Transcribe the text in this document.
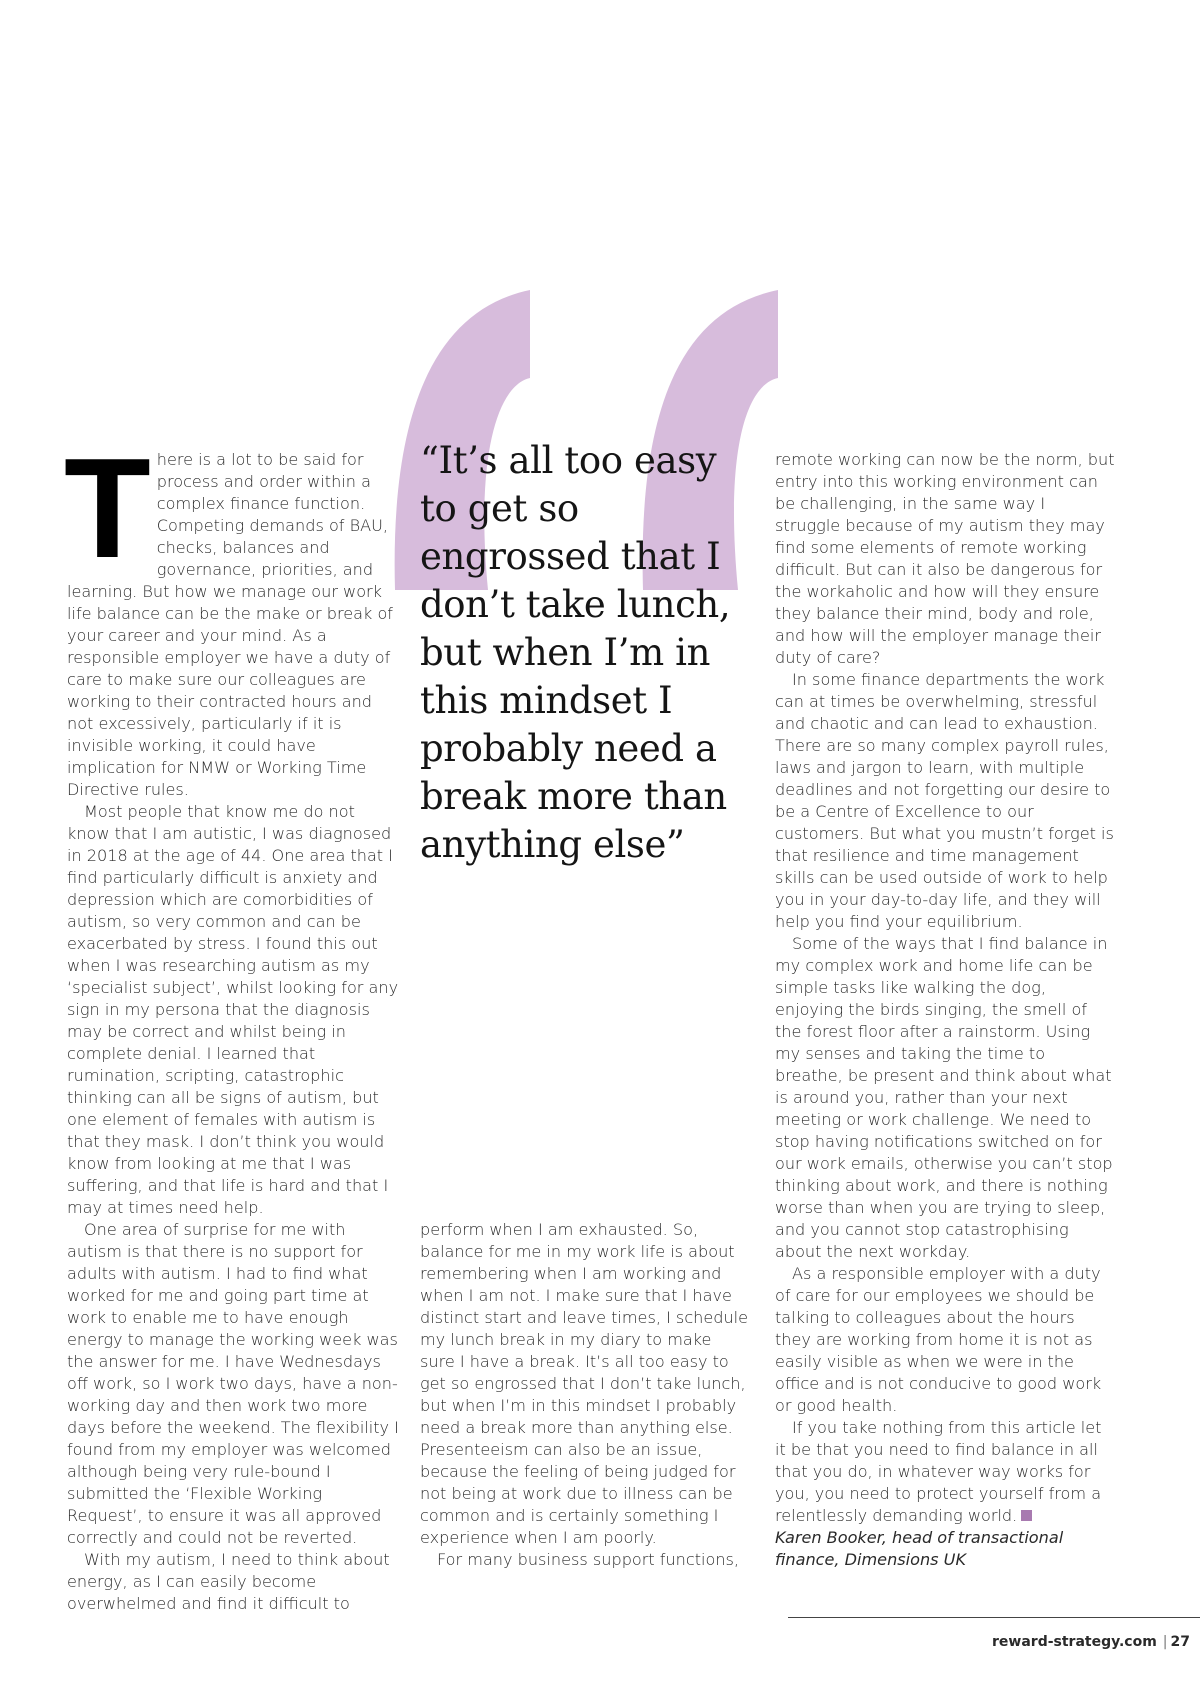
T here is a lot to be said for process and order within a complex finance function. Competing demands of BAU, checks, balances and governance, priorities, and learning. But how we manage our work life balance can be the make or break of your career and your mind. As a responsible employer we have a duty of care to make sure our colleagues are working to their contracted hours and not excessively, particularly if it is invisible working, it could have implication for NMW or Working Time Directive rules.

Most people that know me do not know that I am autistic, I was diagnosed in 2018 at the age of 44. One area that I find particularly difficult is anxiety and depression which are comorbidities of autism, so very common and can be exacerbated by stress. I found this out when I was researching autism as my ‘specialist subject’, whilst looking for any sign in my persona that the diagnosis may be correct and whilst being in complete denial. I learned that rumination, scripting, catastrophic thinking can all be signs of autism, but one element of females with autism is that they mask. I don’t think you would know from looking at me that I was suffering, and that life is hard and that I may at times need help.

One area of surprise for me with autism is that there is no support for adults with autism. I had to find what worked for me and going part time at work to enable me to have enough energy to manage the working week was the answer for me. I have Wednesdays off work, so I work two days, have a non-working day and then work two more days before the weekend. The flexibility I found from my employer was welcomed although being very rule-bound I submitted the ‘Flexible Working Request’, to ensure it was all approved correctly and could not be reverted.

With my autism, I need to think about energy, as I can easily become overwhelmed and find it difficult to

“It’s all too easy to get so engrossed that I don’t take lunch, but when I’m in this mindset I probably need a break more than anything else”

perform when I am exhausted. So, balance for me in my work life is about remembering when I am working and when I am not. I make sure that I have distinct start and leave times, I schedule my lunch break in my diary to make sure I have a break. It’s all too easy to get so engrossed that I don’t take lunch, but when I’m in this mindset I probably need a break more than anything else. Presenteeism can also be an issue, because the feeling of being judged for not being at work due to illness can be common and is certainly something I experience when I am poorly.

For many business support functions,

remote working can now be the norm, but entry into this working environment can be challenging, in the same way I struggle because of my autism they may find some elements of remote working difficult. But can it also be dangerous for the workaholic and how will they ensure they balance their mind, body and role, and how will the employer manage their duty of care?

In some finance departments the work can at times be overwhelming, stressful and chaotic and can lead to exhaustion. There are so many complex payroll rules, laws and jargon to learn, with multiple deadlines and not forgetting our desire to be a Centre of Excellence to our customers. But what you mustn’t forget is that resilience and time management skills can be used outside of work to help you in your day-to-day life, and they will help you find your equilibrium.

Some of the ways that I find balance in my complex work and home life can be simple tasks like walking the dog, enjoying the birds singing, the smell of the forest floor after a rainstorm. Using my senses and taking the time to breathe, be present and think about what is around you, rather than your next meeting or work challenge. We need to stop having notifications switched on for our work emails, otherwise you can’t stop thinking about work, and there is nothing worse than when you are trying to sleep, and you cannot stop catastrophising about the next workday.

As a responsible employer with a duty of care for our employees we should be talking to colleagues about the hours they are working from home it is not as easily visible as when we were in the office and is not conducive to good work or good health.

If you take nothing from this article let it be that you need to find balance in all that you do, in whatever way works for you, you need to protect yourself from a relentlessly demanding world.

Karen Booker, head of transactional
finance, Dimensions UK

reward-strategy.com | 27
